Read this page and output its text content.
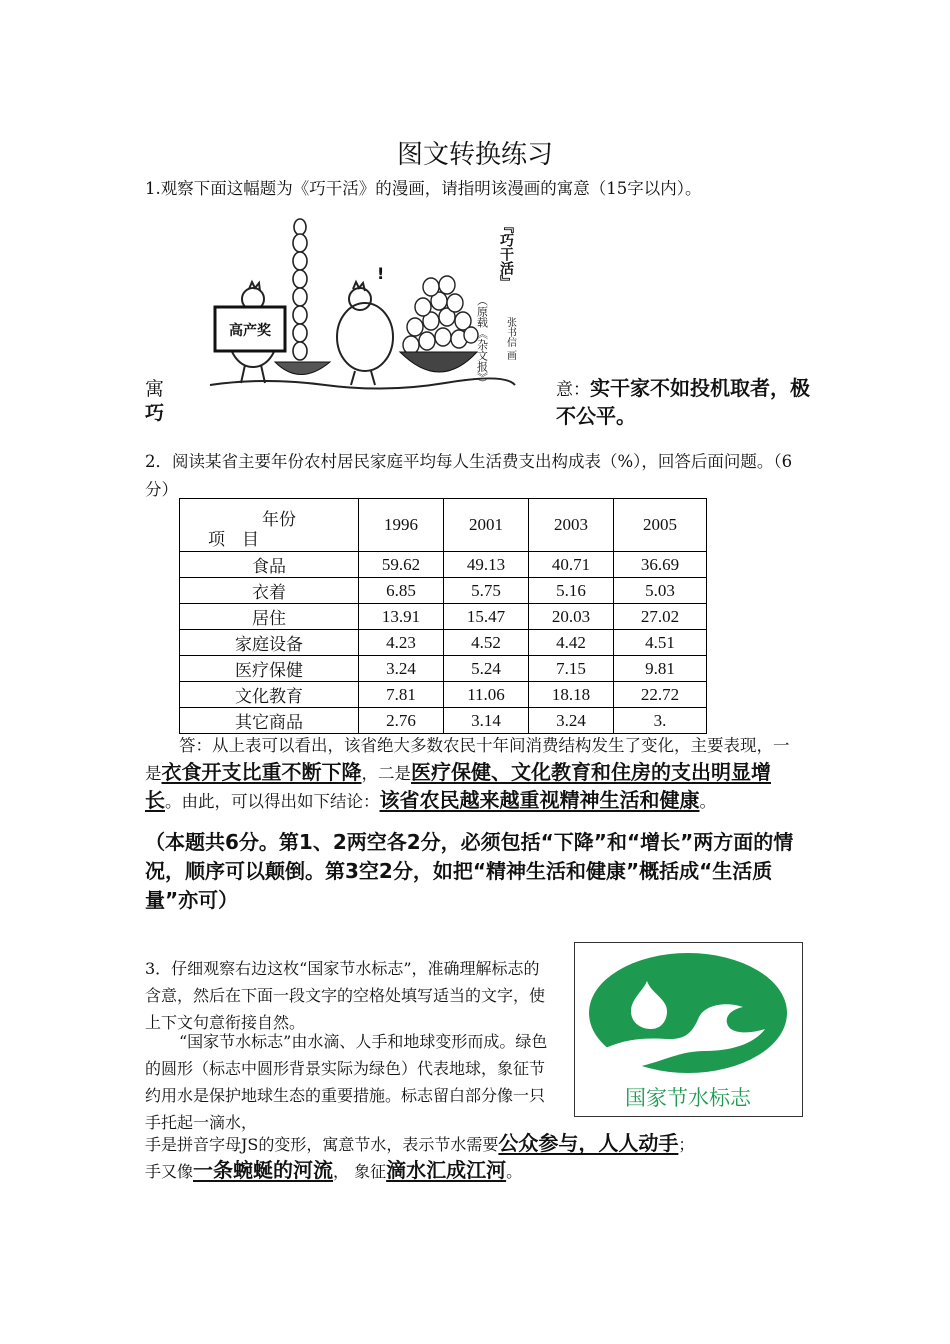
图文转换练习
1.观察下面这幅题为《巧干活》的漫画，请指明该漫画的寓意（15字以内）。
高产奖
!	『巧干活』
（原载《杂文报》） 张书信 画
寓
巧
意：实干家不如投机取者，极不公平。
2．阅读某省主要年份农村居民家庭平均每人生活费支出构成表（%），回答后面问题。（6分）
年份
项　目	1996	2001	2003	2005
食品	59.62	49.13	40.71	36.69
衣着	6.85	5.75	5.16	5.03
居住	13.91	15.47	20.03	27.02
家庭设备	4.23	4.52	4.42	4.51
医疗保健	3.24	5.24	7.15	9.81
文化教育	7.81	11.06	18.18	22.72
其它商品	2.76	3.14	3.24	3.
答：从上表可以看出，该省绝大多数农民十年间消费结构发生了变化，主要表现，一是衣食开支比重不断下降，二是医疗保健、文化教育和住房的支出明显增长。由此，可以得出如下结论：该省农民越来越重视精神生活和健康。
（本题共6分。第1、2两空各2分，必须包括“下降”和“增长”两方面的情况，顺序可以颠倒。第3空2分，如把“精神生活和健康”概括成“生活质量”亦可）
3．仔细观察右边这枚“国家节水标志”，准确理解标志的含意，然后在下面一段文字的空格处填写适当的文字，使上下文句意衔接自然。
“国家节水标志”由水滴、人手和地球变形而成。绿色的圆形（标志中圆形背景实际为绿色）代表地球，象征节约用水是保护地球生态的重要措施。标志留白部分像一只手托起一滴水，
国家节水标志
手是拼音字母JS的变形，寓意节水，表示节水需要公众参与，人人动手；
手又像一条蜿蜒的河流， 象征滴水汇成江河。
